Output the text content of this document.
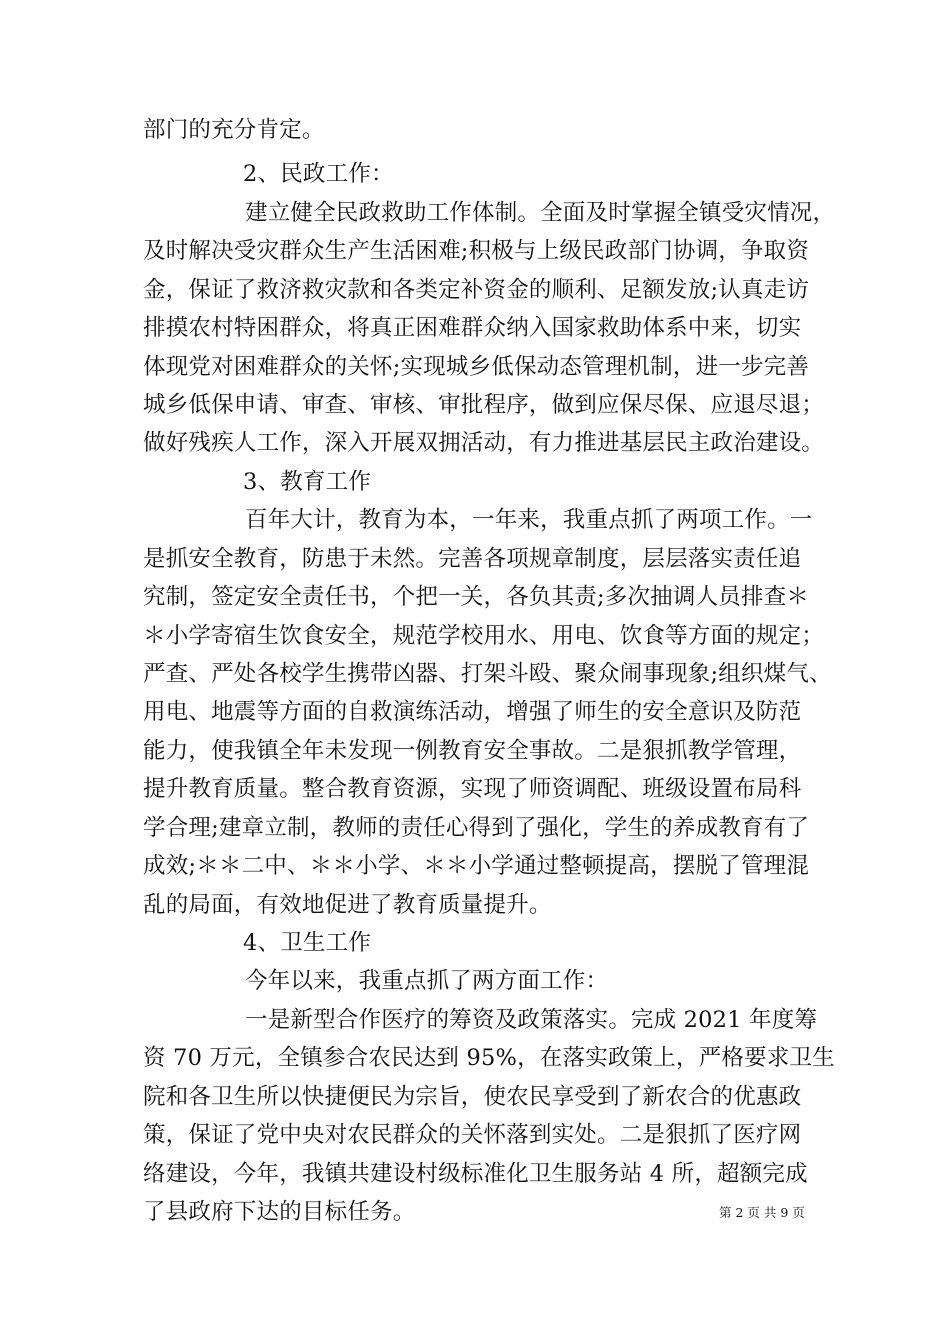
部门的充分肯定。
2、民政工作：
建立健全民政救助工作体制。全面及时掌握全镇受灾情况，
及时解决受灾群众生产生活困难;积极与上级民政部门协调，争取资
金，保证了救济救灾款和各类定补资金的顺利、足额发放;认真走访
排摸农村特困群众，将真正困难群众纳入国家救助体系中来，切实
体现党对困难群众的关怀;实现城乡低保动态管理机制，进一步完善
城乡低保申请、审查、审核、审批程序，做到应保尽保、应退尽退；
做好残疾人工作，深入开展双拥活动，有力推进基层民主政治建设。
3、教育工作
百年大计，教育为本，一年来，我重点抓了两项工作。一
是抓安全教育，防患于未然。完善各项规章制度，层层落实责任追
究制，签定安全责任书，个把一关，各负其责;多次抽调人员排查＊
＊小学寄宿生饮食安全，规范学校用水、用电、饮食等方面的规定；
严查、严处各校学生携带凶器、打架斗殴、聚众闹事现象;组织煤气、
用电、地震等方面的自救演练活动，增强了师生的安全意识及防范
能力，使我镇全年未发现一例教育安全事故。二是狠抓教学管理，
提升教育质量。整合教育资源，实现了师资调配、班级设置布局科
学合理;建章立制，教师的责任心得到了强化，学生的养成教育有了
成效;＊＊二中、＊＊小学、＊＊小学通过整顿提高，摆脱了管理混
乱的局面，有效地促进了教育质量提升。
4、卫生工作
今年以来，我重点抓了两方面工作：
一是新型合作医疗的筹资及政策落实。完成 2021 年度筹
资 70 万元，全镇参合农民达到 95%，在落实政策上，严格要求卫生
院和各卫生所以快捷便民为宗旨，使农民享受到了新农合的优惠政
策，保证了党中央对农民群众的关怀落到实处。二是狠抓了医疗网
络建设，今年，我镇共建设村级标准化卫生服务站 4 所，超额完成
了县政府下达的目标任务。	第 2 页 共 9 页
